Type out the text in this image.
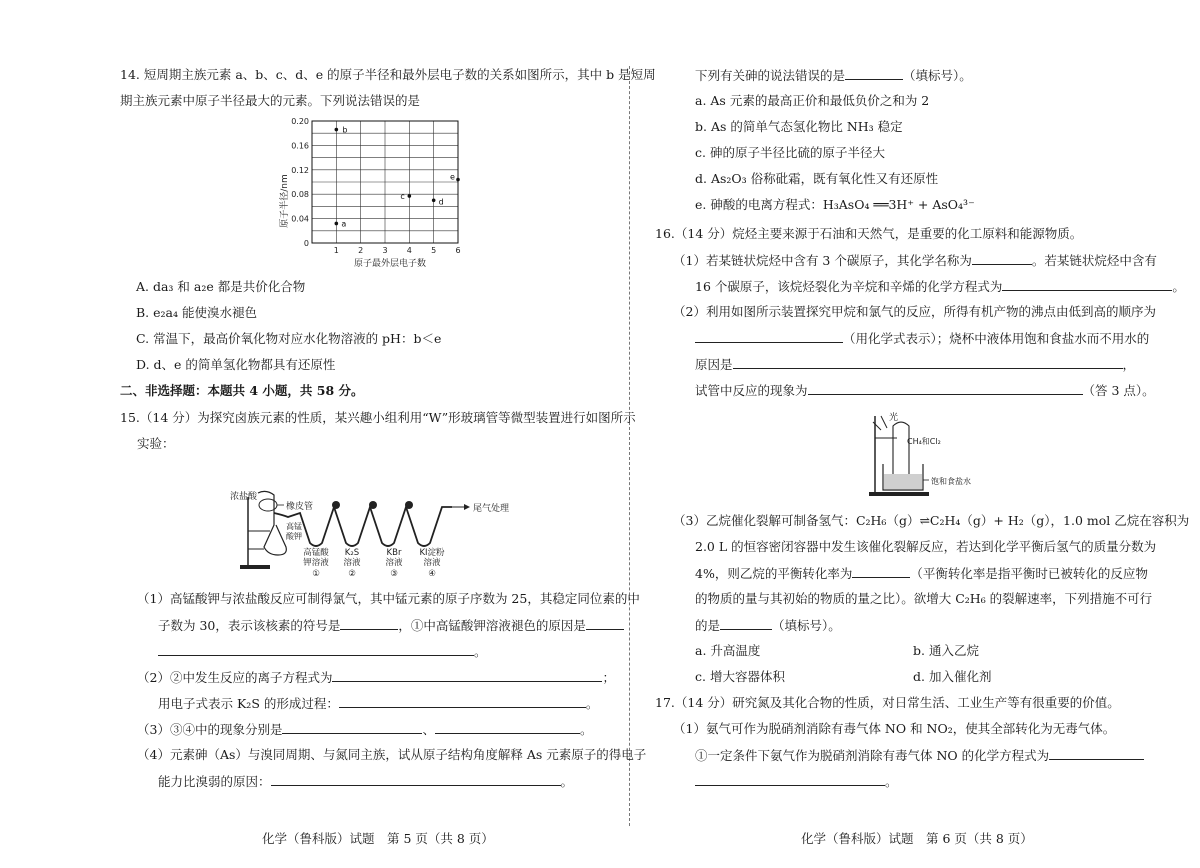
14. 短周期主族元素 a、b、c、d、e 的原子半径和最外层电子数的关系如图所示，其中 b 是短周
期主族元素中原子半径最大的元素。下列说法错误的是
原子半径/nm
原子最外层电子数
0.20
0.16
0.12
0.08
0.04
0
1 2 3 4 5 6
b
a
c
d
e
A. da₃ 和 a₂e 都是共价化合物
B. e₂a₄ 能使溴水褪色
C. 常温下，最高价氧化物对应水化物溶液的 pH：b＜e
D. d、e 的简单氢化物都具有还原性
二、非选择题：本题共 4 小题，共 58 分。
15.（14 分）为探究卤族元素的性质，某兴趣小组利用“W”形玻璃管等微型装置进行如图所示
实验：
浓盐酸
橡皮管
高锰
酸钾
尾气处理
高锰酸
钾溶液
①
K₂S
溶液
②
KBr
溶液
③
KI淀粉
溶液
④
（1）高锰酸钾与浓盐酸反应可制得氯气，其中锰元素的原子序数为 25，其稳定同位素的中
子数为 30，表示该核素的符号是	，①中高锰酸钾溶液褪色的原因是
。
（2）②中发生反应的离子方程式为	；
用电子式表示 K₂S 的形成过程：	。
（3）③④中的现象分别是	、	。
（4）元素砷（As）与溴同周期、与氮同主族，试从原子结构角度解释 As 元素原子的得电子
能力比溴弱的原因：	。
化学（鲁科版）试题　第 5 页（共 8 页）
下列有关砷的说法错误的是	（填标号）。
a. As 元素的最高正价和最低负价之和为 2
b. As 的简单气态氢化物比 NH₃ 稳定
c. 砷的原子半径比硫的原子半径大
d. As₂O₃ 俗称砒霜，既有氧化性又有还原性
e. 砷酸的电离方程式：H₃AsO₄ ══3H⁺ + AsO₄³⁻
16.（14 分）烷烃主要来源于石油和天然气，是重要的化工原料和能源物质。
（1）若某链状烷烃中含有 3 个碳原子，其化学名称为	。若某链状烷烃中含有
16 个碳原子，该烷烃裂化为辛烷和辛烯的化学方程式为	。
（2）利用如图所示装置探究甲烷和氯气的反应，所得有机产物的沸点由低到高的顺序为
（用化学式表示）；烧杯中液体用饱和食盐水而不用水的
原因是	，
试管中反应的现象为	（答 3 点）。
光
CH₄和Cl₂
饱和食盐水
（3）乙烷催化裂解可制备氢气：C₂H₆（g）⇌C₂H₄（g）+ H₂（g），1.0 mol 乙烷在容积为
2.0 L 的恒容密闭容器中发生该催化裂解反应，若达到化学平衡后氢气的质量分数为
4%，则乙烷的平衡转化率为	（平衡转化率是指平衡时已被转化的反应物
的物质的量与其初始的物质的量之比）。欲增大 C₂H₆ 的裂解速率，下列措施不可行
的是	（填标号）。
a. 升高温度	b. 通入乙烷
c. 增大容器体积	d. 加入催化剂
17.（14 分）研究氮及其化合物的性质，对日常生活、工业生产等有很重要的价值。
（1）氨气可作为脱硝剂消除有毒气体 NO 和 NO₂，使其全部转化为无毒气体。
①一定条件下氨气作为脱硝剂消除有毒气体 NO 的化学方程式为
。
化学（鲁科版）试题　第 6 页（共 8 页）
